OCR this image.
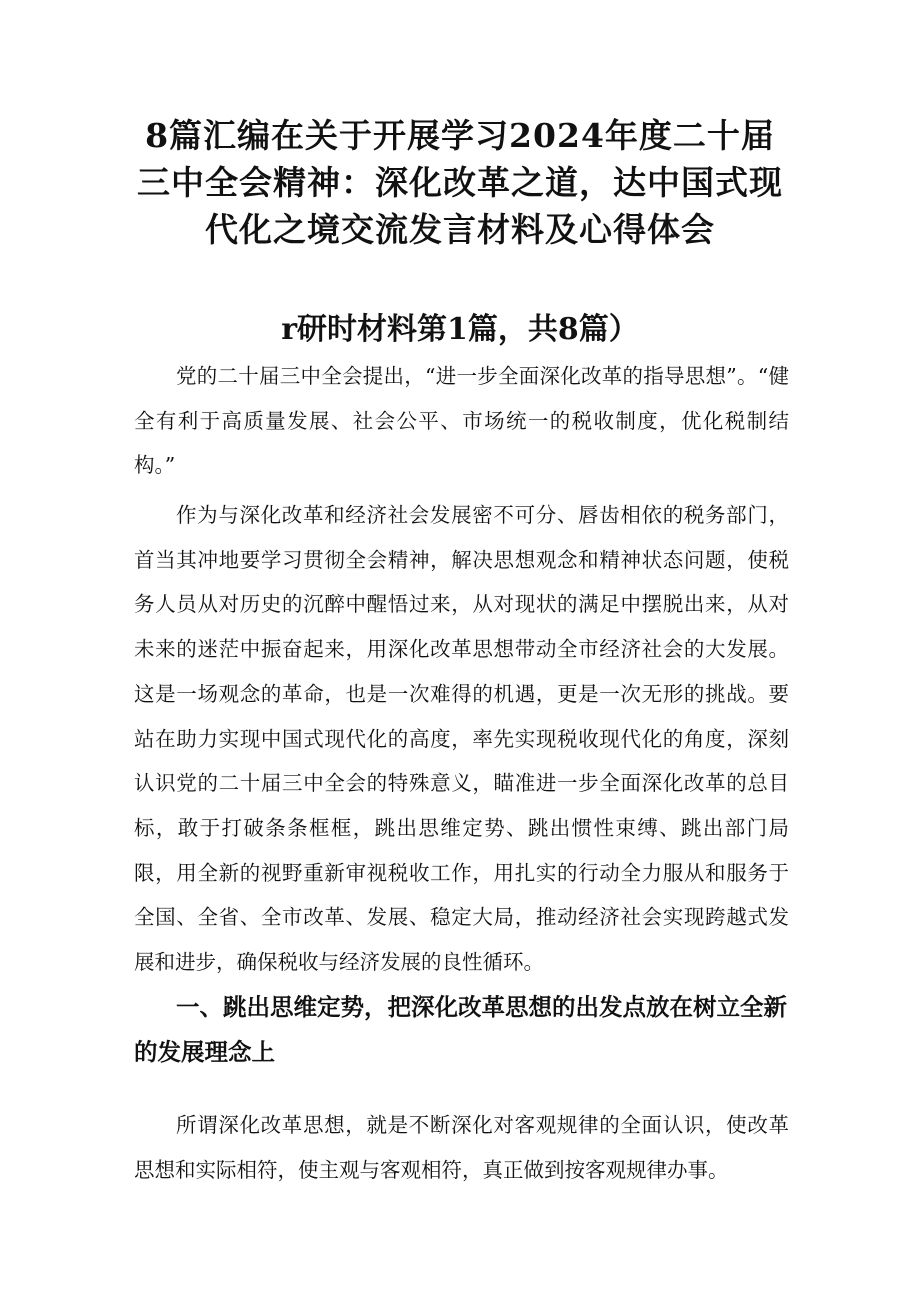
8篇汇编在关于开展学习2024年度二十届
三中全会精神：深化改革之道，达中国式现
代化之境交流发言材料及心得体会
r研时材料第1篇，共8篇）

党的二十届三中全会提出，“进一步全面深化改革的指导思想”。“健全有利于高质量发展、社会公平、市场统一的税收制度，优化税制结构。”

作为与深化改革和经济社会发展密不可分、唇齿相依的税务部门，首当其冲地要学习贯彻全会精神，解决思想观念和精神状态问题，使税务人员从对历史的沉醉中醒悟过来，从对现状的满足中摆脱出来，从对未来的迷茫中振奋起来，用深化改革思想带动全市经济社会的大发展。这是一场观念的革命，也是一次难得的机遇，更是一次无形的挑战。要站在助力实现中国式现代化的高度，率先实现税收现代化的角度，深刻认识党的二十届三中全会的特殊意义，瞄准进一步全面深化改革的总目标，敢于打破条条框框，跳出思维定势、跳出惯性束缚、跳出部门局限，用全新的视野重新审视税收工作，用扎实的行动全力服从和服务于全国、全省、全市改革、发展、稳定大局，推动经济社会实现跨越式发展和进步，确保税收与经济发展的良性循环。

一、跳出思维定势，把深化改革思想的出发点放在树立全新的发展理念上

所谓深化改革思想，就是不断深化对客观规律的全面认识，使改革思想和实际相符，使主观与客观相符，真正做到按客观规律办事。
